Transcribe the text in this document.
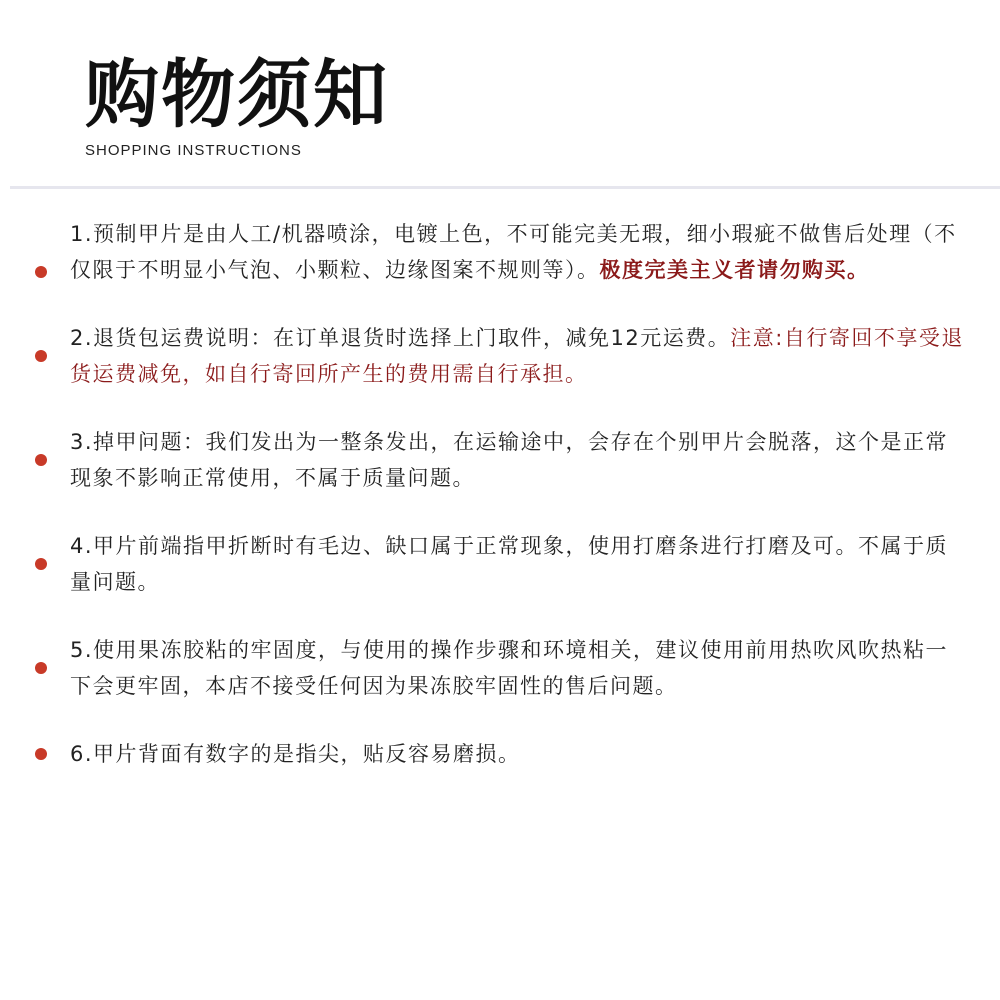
购物须知
SHOPPING INSTRUCTIONS
1.预制甲片是由人工/机器喷涂，电镀上色，不可能完美无瑕，细小瑕疵不做售后处理（不仅限于不明显小气泡、小颗粒、边缘图案不规则等）。极度完美主义者请勿购买。
2.退货包运费说明：在订单退货时选择上门取件，减免12元运费。注意:自行寄回不享受退货运费减免，如自行寄回所产生的费用需自行承担。
3.掉甲问题：我们发出为一整条发出，在运输途中，会存在个别甲片会脱落，这个是正常现象不影响正常使用，不属于质量问题。
4.甲片前端指甲折断时有毛边、缺口属于正常现象，使用打磨条进行打磨及可。不属于质量问题。
5.使用果冻胶粘的牢固度，与使用的操作步骤和环境相关，建议使用前用热吹风吹热粘一下会更牢固，本店不接受任何因为果冻胶牢固性的售后问题。
6.甲片背面有数字的是指尖，贴反容易磨损。
